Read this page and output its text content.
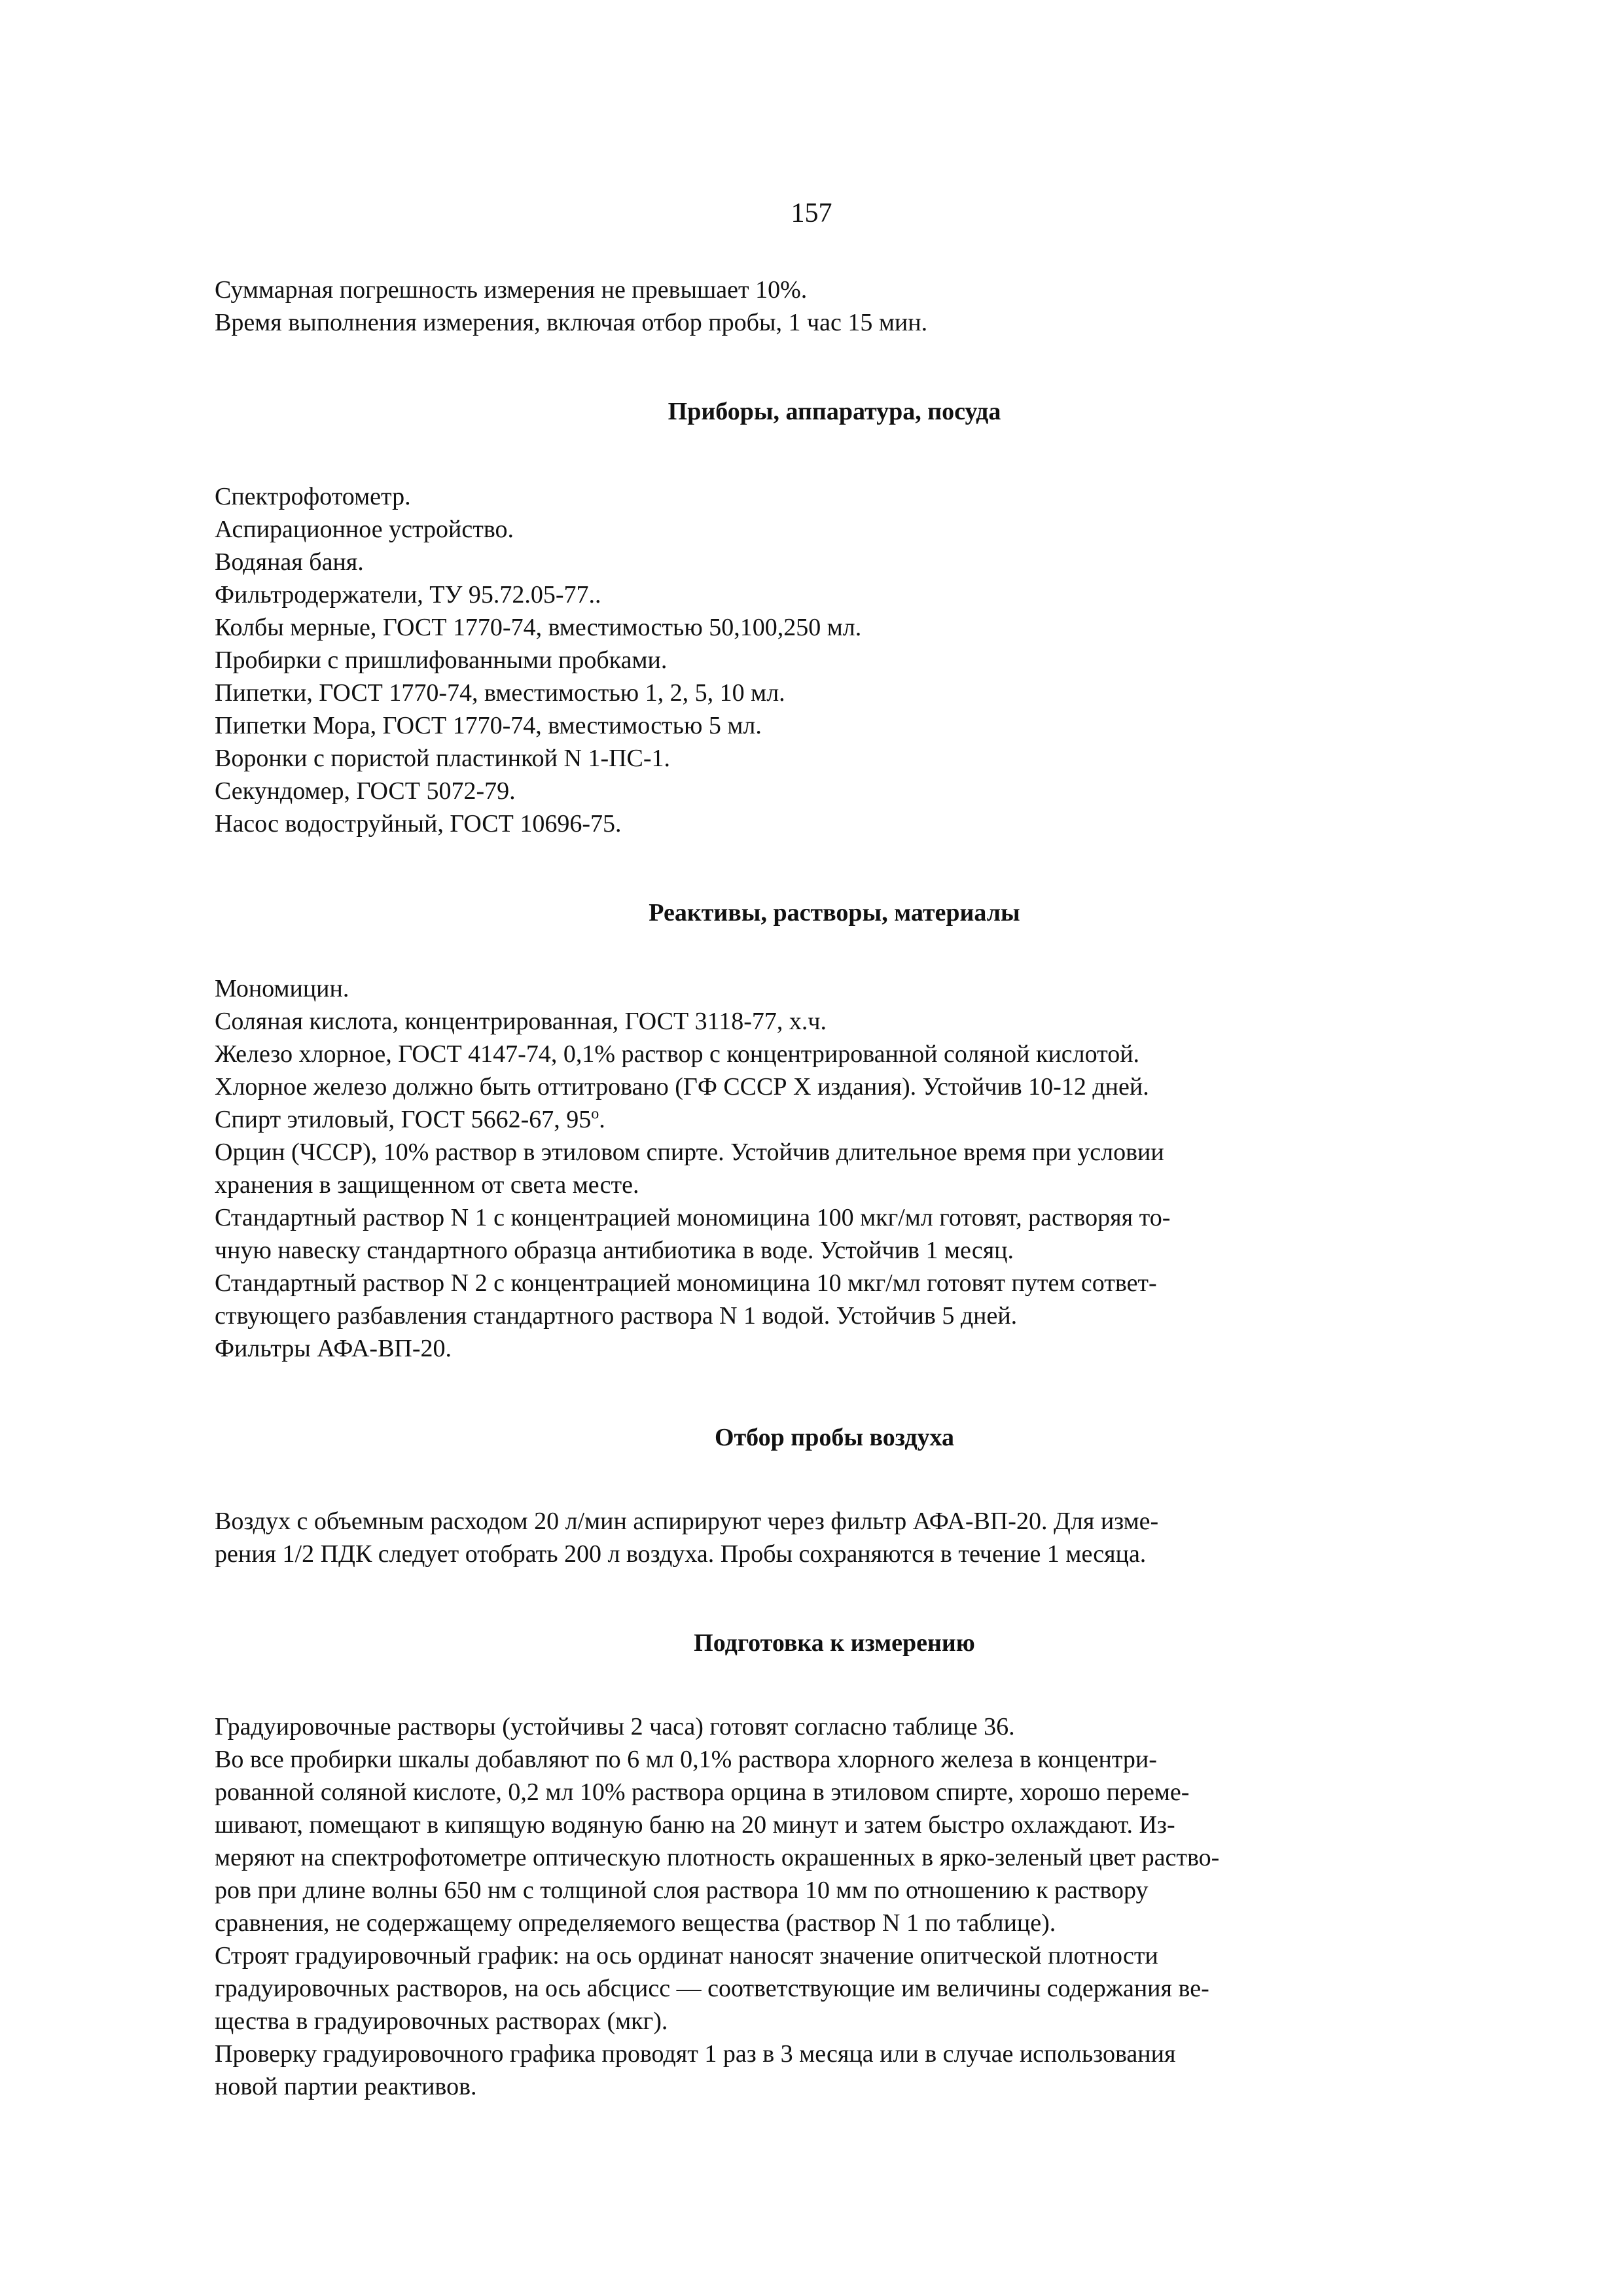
157
Суммарная погрешность измерения не превышает 10%.
Время выполнения измерения, включая отбор пробы, 1 час 15 мин.
Приборы, аппаратура, посуда
Спектрофотометр.
Аспирационное устройство.
Водяная баня.
Фильтродержатели, ТУ 95.72.05-77..
Колбы мерные, ГОСТ 1770-74, вместимостью 50,100,250 мл.
Пробирки с пришлифованными пробками.
Пипетки, ГОСТ 1770-74, вместимостью 1, 2, 5, 10 мл.
Пипетки Мора, ГОСТ 1770-74, вместимостью 5 мл.
Воронки с пористой пластинкой N 1-ПС-1.
Секундомер, ГОСТ 5072-79.
Насос водоструйный, ГОСТ 10696-75.
Реактивы, растворы, материалы
Мономицин.
Соляная кислота, концентрированная, ГОСТ 3118-77, х.ч.
Железо хлорное, ГОСТ 4147-74, 0,1% раствор с концентрированной соляной кислотой.
Хлорное железо должно быть оттитровано (ГФ СССР X издания). Устойчив 10-12 дней.
Спирт этиловый, ГОСТ 5662-67, $95^о$.
Орцин (ЧССР), 10% раствор в этиловом спирте. Устойчив длительное время при условии
хранения в защищенном от света месте.
Стандартный раствор N 1 с концентрацией мономицина 100 мкг/мл готовят, растворяя то-
чную навеску стандартного образца антибиотика в воде. Устойчив 1 месяц.
Стандартный раствор N 2 с концентрацией мономицина 10 мкг/мл готовят путем сответ-
ствующего разбавления стандартного раствора N 1 водой. Устойчив 5 дней.
Фильтры АФА-ВП-20.
Отбор пробы воздуха
Воздух с объемным расходом 20 л/мин аспирируют через фильтр АФА-ВП-20. Для изме-
рения 1/2 ПДК следует отобрать 200 л воздуха. Пробы сохраняются в течение 1 месяца.
Подготовка к измерению
Градуировочные растворы (устойчивы 2 часа) готовят согласно таблице 36.
Во все пробирки шкалы добавляют по 6 мл 0,1% раствора хлорного железа в концентри-
рованной соляной кислоте, 0,2 мл 10% раствора орцина в этиловом спирте, хорошо переме-
шивают, помещают в кипящую водяную баню на 20 минут и затем быстро охлаждают. Из-
меряют на спектрофотометре оптическую плотность окрашенных в ярко-зеленый цвет раство-
ров при длине волны 650 нм с толщиной слоя раствора 10 мм по отношению к раствору
сравнения, не содержащему определяемого вещества (раствор N 1 по таблице).
Строят градуировочный график: на ось ординат наносят значение опитческой плотности
градуировочных растворов, на ось абсцисс — соответствующие им величины содержания ве-
щества в градуировочных растворах (мкг).
Проверку градуировочного графика проводят 1 раз в 3 месяца или в случае использования
новой партии реактивов.
